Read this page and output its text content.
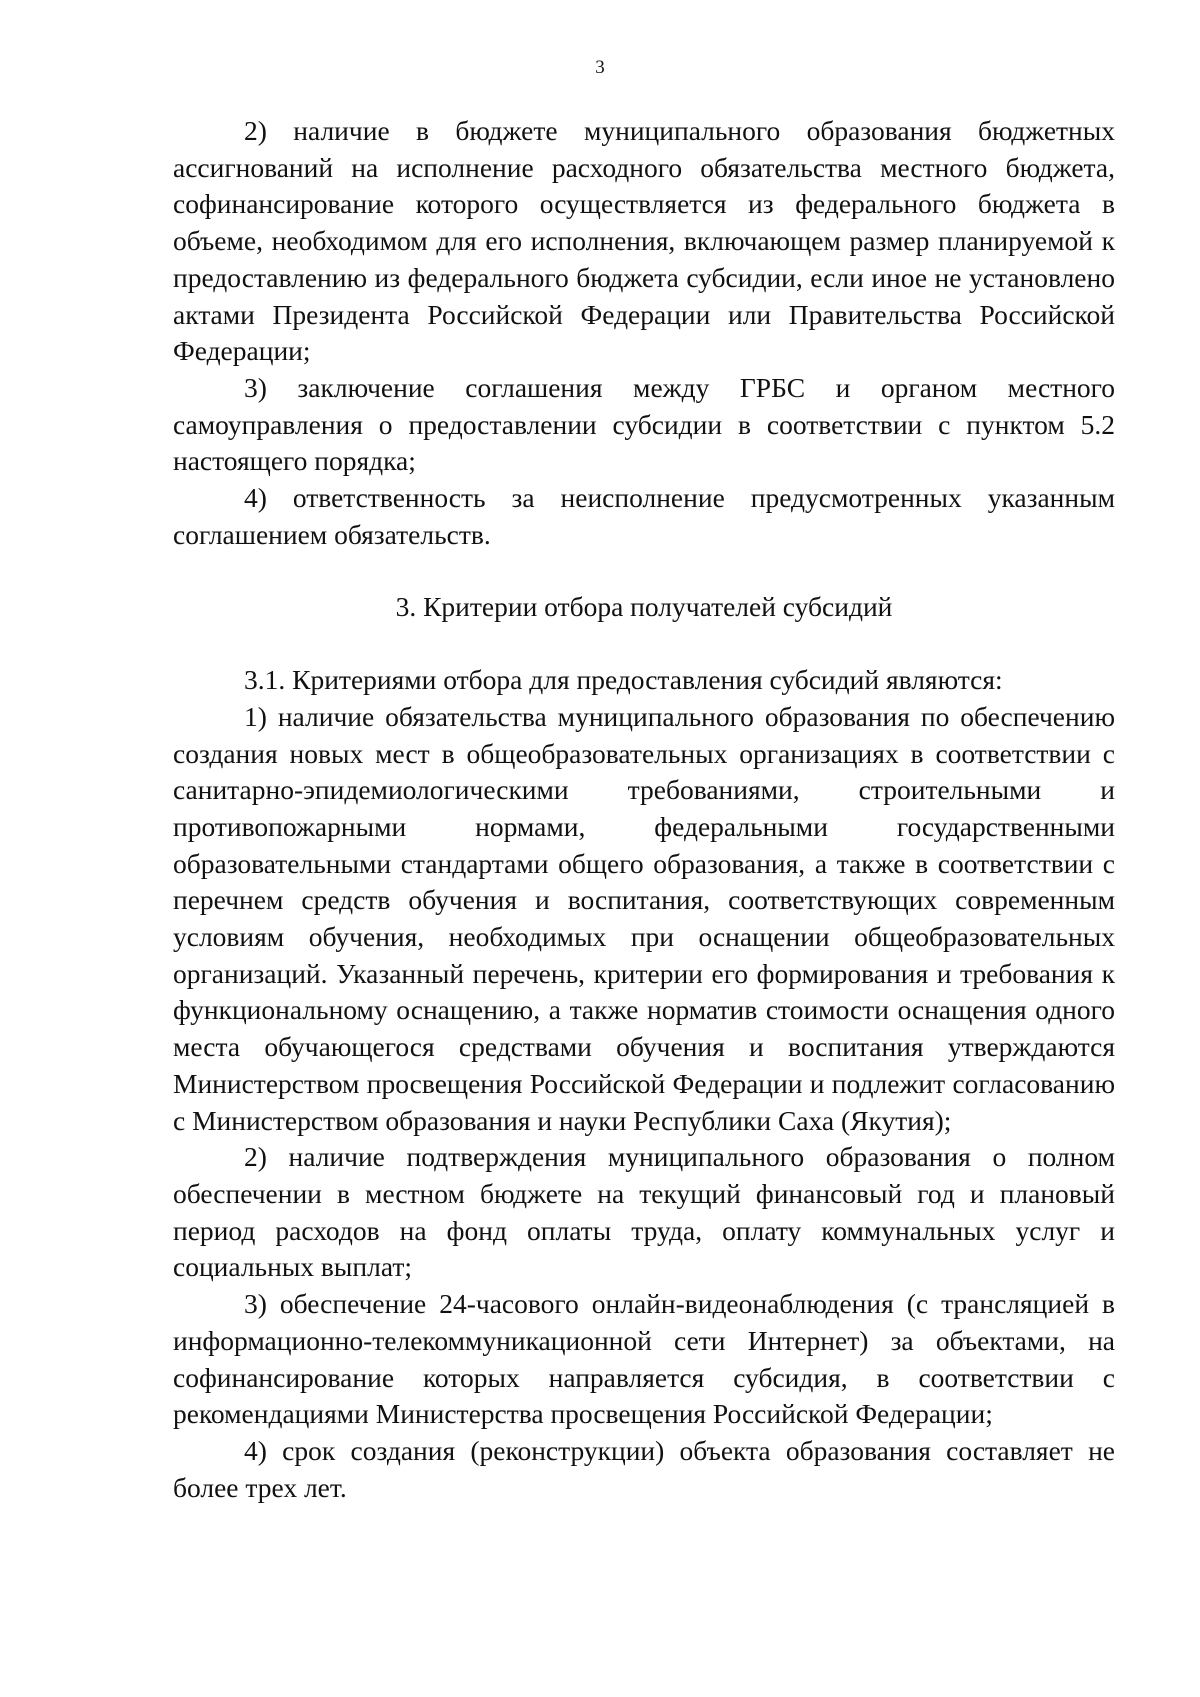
3

2) наличие в бюджете муниципального образования бюджетных ассигнований на исполнение расходного обязательства местного бюджета, софинансирование которого осуществляется из федерального бюджета в объеме, необходимом для его исполнения, включающем размер планируемой к предоставлению из федерального бюджета субсидии, если иное не установлено актами Президента Российской Федерации или Правительства Российской Федерации;

3) заключение соглашения между ГРБС и органом местного самоуправления о предоставлении субсидии в соответствии с пунктом 5.2 настоящего порядка;

4) ответственность за неисполнение предусмотренных указанным соглашением обязательств.

3. Критерии отбора получателей субсидий

3.1. Критериями отбора для предоставления субсидий являются:

1) наличие обязательства муниципального образования по обеспечению создания новых мест в общеобразовательных организациях в соответствии с санитарно-эпидемиологическими требованиями, строительными и противопожарными нормами, федеральными государственными образовательными стандартами общего образования, а также в соответствии с перечнем средств обучения и воспитания, соответствующих современным условиям обучения, необходимых при оснащении общеобразовательных организаций. Указанный перечень, критерии его формирования и требования к функциональному оснащению, а также норматив стоимости оснащения одного места обучающегося средствами обучения и воспитания утверждаются Министерством просвещения Российской Федерации и подлежит согласованию с Министерством образования и науки Республики Саха (Якутия);

2) наличие подтверждения муниципального образования о полном обеспечении в местном бюджете на текущий финансовый год и плановый период расходов на фонд оплаты труда, оплату коммунальных услуг и социальных выплат;

3) обеспечение 24-часового онлайн-видеонаблюдения (с трансляцией в информационно-телекоммуникационной сети Интернет) за объектами, на софинансирование которых направляется субсидия, в соответствии с рекомендациями Министерства просвещения Российской Федерации;

4) срок создания (реконструкции) объекта образования составляет не более трех лет.
